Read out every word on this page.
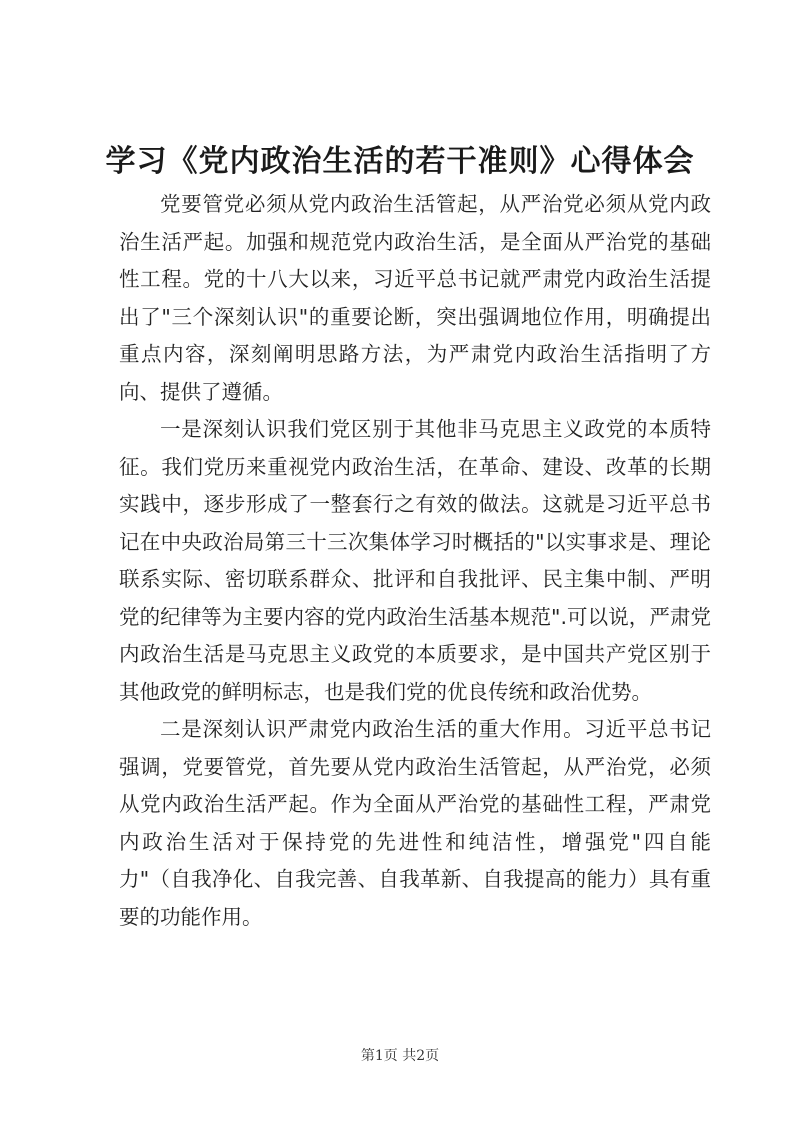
学习《党内政治生活的若干准则》心得体会

党要管党必须从党内政治生活管起，从严治党必须从党内政治生活严起。加强和规范党内政治生活，是全面从严治党的基础性工程。党的十八大以来，习近平总书记就严肃党内政治生活提出了"三个深刻认识"的重要论断，突出强调地位作用，明确提出重点内容，深刻阐明思路方法，为严肃党内政治生活指明了方向、提供了遵循。

一是深刻认识我们党区别于其他非马克思主义政党的本质特征。我们党历来重视党内政治生活，在革命、建设、改革的长期实践中，逐步形成了一整套行之有效的做法。这就是习近平总书记在中央政治局第三十三次集体学习时概括的"以实事求是、理论联系实际、密切联系群众、批评和自我批评、民主集中制、严明党的纪律等为主要内容的党内政治生活基本规范".可以说，严肃党内政治生活是马克思主义政党的本质要求，是中国共产党区别于其他政党的鲜明标志，也是我们党的优良传统和政治优势。

二是深刻认识严肃党内政治生活的重大作用。习近平总书记强调，党要管党，首先要从党内政治生活管起，从严治党，必须从党内政治生活严起。作为全面从严治党的基础性工程，严肃党内政治生活对于保持党的先进性和纯洁性，增强党"四自能力"（自我净化、自我完善、自我革新、自我提高的能力）具有重要的功能作用。

第1页 共2页
